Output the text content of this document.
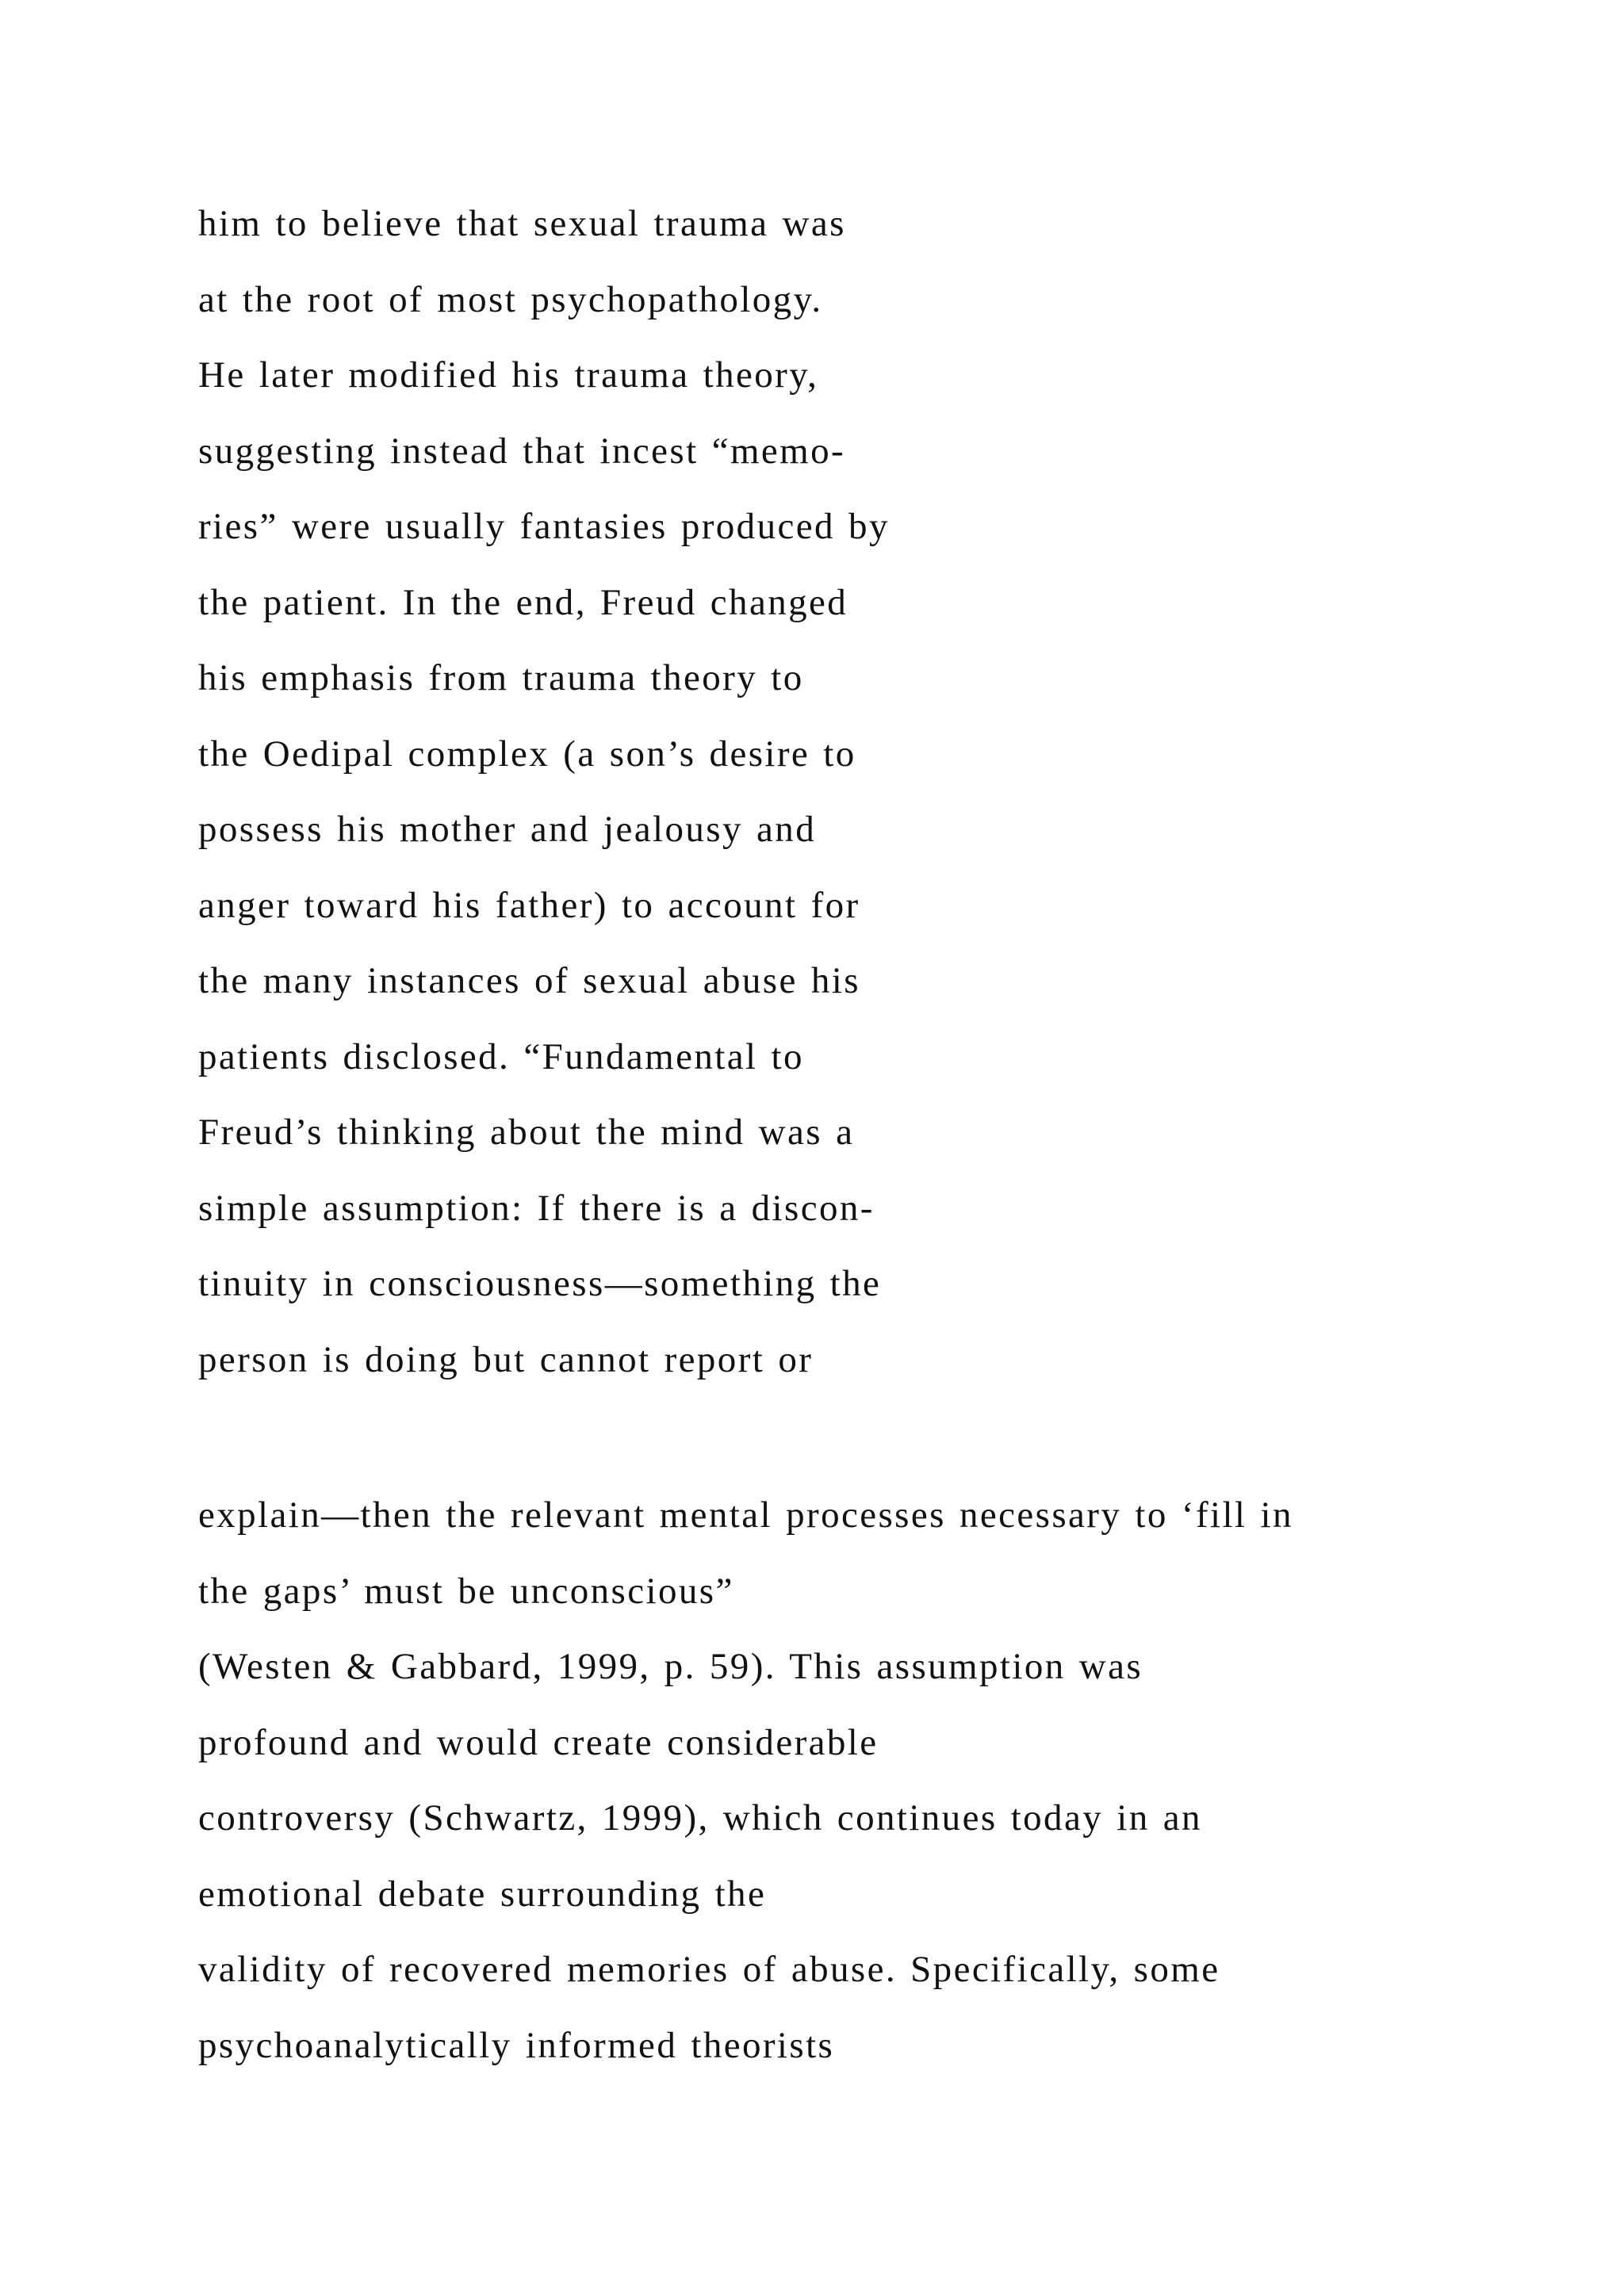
him to believe that sexual trauma was
at the root of most psychopathology.
He later modified his trauma theory,
suggesting instead that incest “memo-
ries” were usually fantasies produced by
the patient. In the end, Freud changed
his emphasis from trauma theory to
the Oedipal complex (a son’s desire to
possess his mother and jealousy and
anger toward his father) to account for
the many instances of sexual abuse his
patients disclosed. “Fundamental to
Freud’s thinking about the mind was a
simple assumption: If there is a discon-
tinuity in consciousness—something the
person is doing but cannot report or
explain—then the relevant mental processes necessary to ‘fill in
the gaps’ must be unconscious”
(Westen & Gabbard, 1999, p. 59). This assumption was
profound and would create considerable
controversy (Schwartz, 1999), which continues today in an
emotional debate surrounding the
validity of recovered memories of abuse. Specifically, some
psychoanalytically informed theorists
